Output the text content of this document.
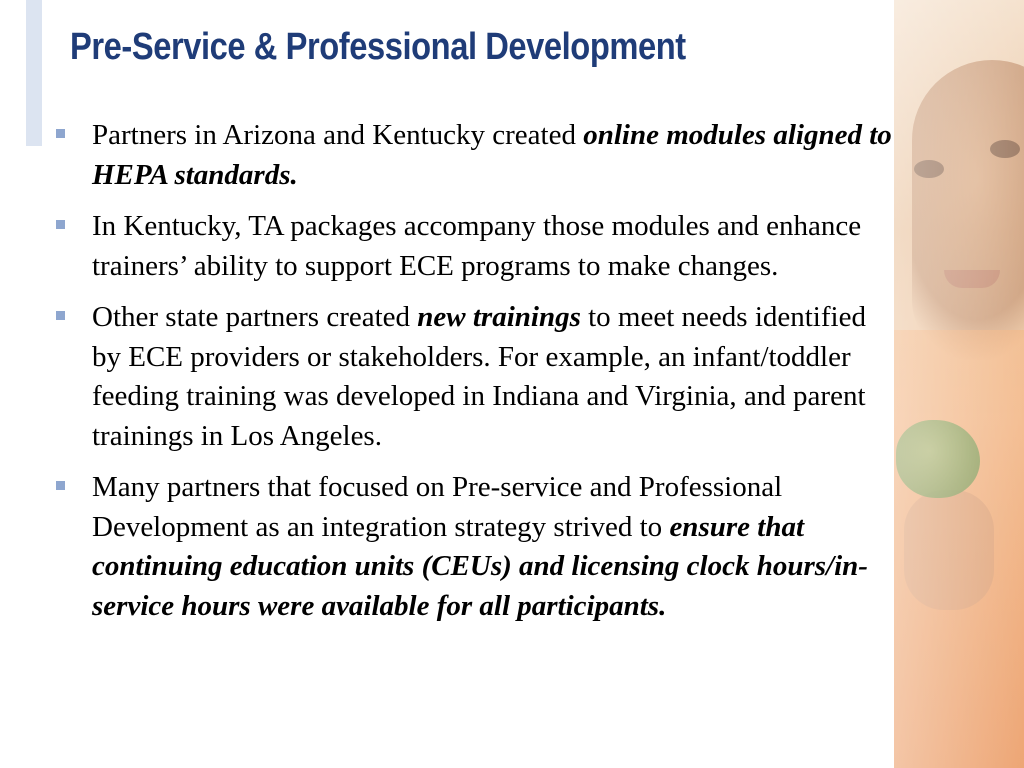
Pre-Service & Professional Development
Partners in Arizona and Kentucky created online modules aligned to HEPA standards.
In Kentucky, TA packages accompany those modules and enhance trainers’ ability to support ECE programs to make changes.
Other state partners created new trainings to meet needs identified by ECE providers or stakeholders. For example, an infant/toddler feeding training was developed in Indiana and Virginia, and parent trainings in Los Angeles.
Many partners that focused on Pre-service and Professional Development as an integration strategy strived to ensure that continuing education units (CEUs) and licensing clock hours/in-service hours were available for all participants.
